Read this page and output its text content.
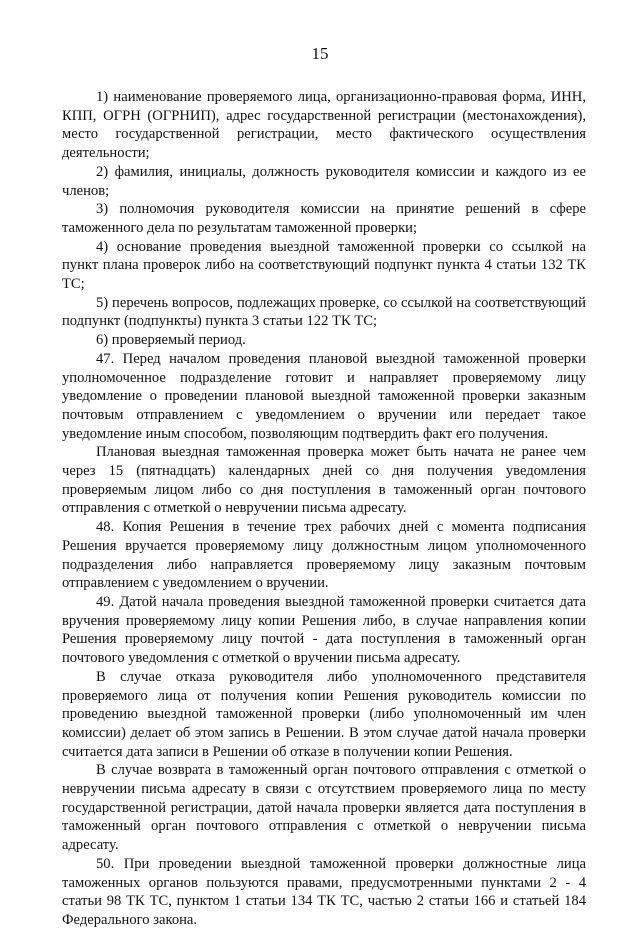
15

1) наименование проверяемого лица, организационно-правовая форма, ИНН, КПП, ОГРН (ОГРНИП), адрес государственной регистрации (местонахождения), место государственной регистрации, место фактического осуществления деятельности;

2) фамилия, инициалы, должность руководителя комиссии и каждого из ее членов;

3) полномочия руководителя комиссии на принятие решений в сфере таможенного дела по результатам таможенной проверки;

4) основание проведения выездной таможенной проверки со ссылкой на пункт плана проверок либо на соответствующий подпункт пункта 4 статьи 132 ТК ТС;

5) перечень вопросов, подлежащих проверке, со ссылкой на соответствующий подпункт (подпункты) пункта 3 статьи 122 ТК ТС;

6) проверяемый период.

47. Перед началом проведения плановой выездной таможенной проверки уполномоченное подразделение готовит и направляет проверяемому лицу уведомление о проведении плановой выездной таможенной проверки заказным почтовым отправлением с уведомлением о вручении или передает такое уведомление иным способом, позволяющим подтвердить факт его получения.

Плановая выездная таможенная проверка может быть начата не ранее чем через 15 (пятнадцать) календарных дней со дня получения уведомления проверяемым лицом либо со дня поступления в таможенный орган почтового отправления с отметкой о неврyчении письма адресату.

48. Копия Решения в течение трех рабочих дней с момента подписания Решения вручается проверяемому лицу должностным лицом уполномоченного подразделения либо направляется проверяемому лицу заказным почтовым отправлением с уведомлением о вручении.

49. Датой начала проведения выездной таможенной проверки считается дата вручения проверяемому лицу копии Решения либо, в случае направления копии Решения проверяемому лицу почтой - дата поступления в таможенный орган почтового уведомления с отметкой о вручении письма адресату.

В случае отказа руководителя либо уполномоченного представителя проверяемого лица от получения копии Решения руководитель комиссии по проведению выездной таможенной проверки (либо уполномоченный им член комиссии) делает об этом запись в Решении. В этом случае датой начала проверки считается дата записи в Решении об отказе в получении копии Решения.

В случае возврата в таможенный орган почтового отправления с отметкой о неврyчении письма адресату в связи с отсутствием проверяемого лица по месту государственной регистрации, датой начала проверки является дата поступления в таможенный орган почтового отправления с отметкой о неврyчении письма адресату.

50. При проведении выездной таможенной проверки должностные лица таможенных органов пользуются правами, предусмотренными пунктами 2 - 4 статьи 98 ТК ТС, пунктом 1 статьи 134 ТК ТС, частью 2 статьи 166 и статьей 184 Федерального закона.
